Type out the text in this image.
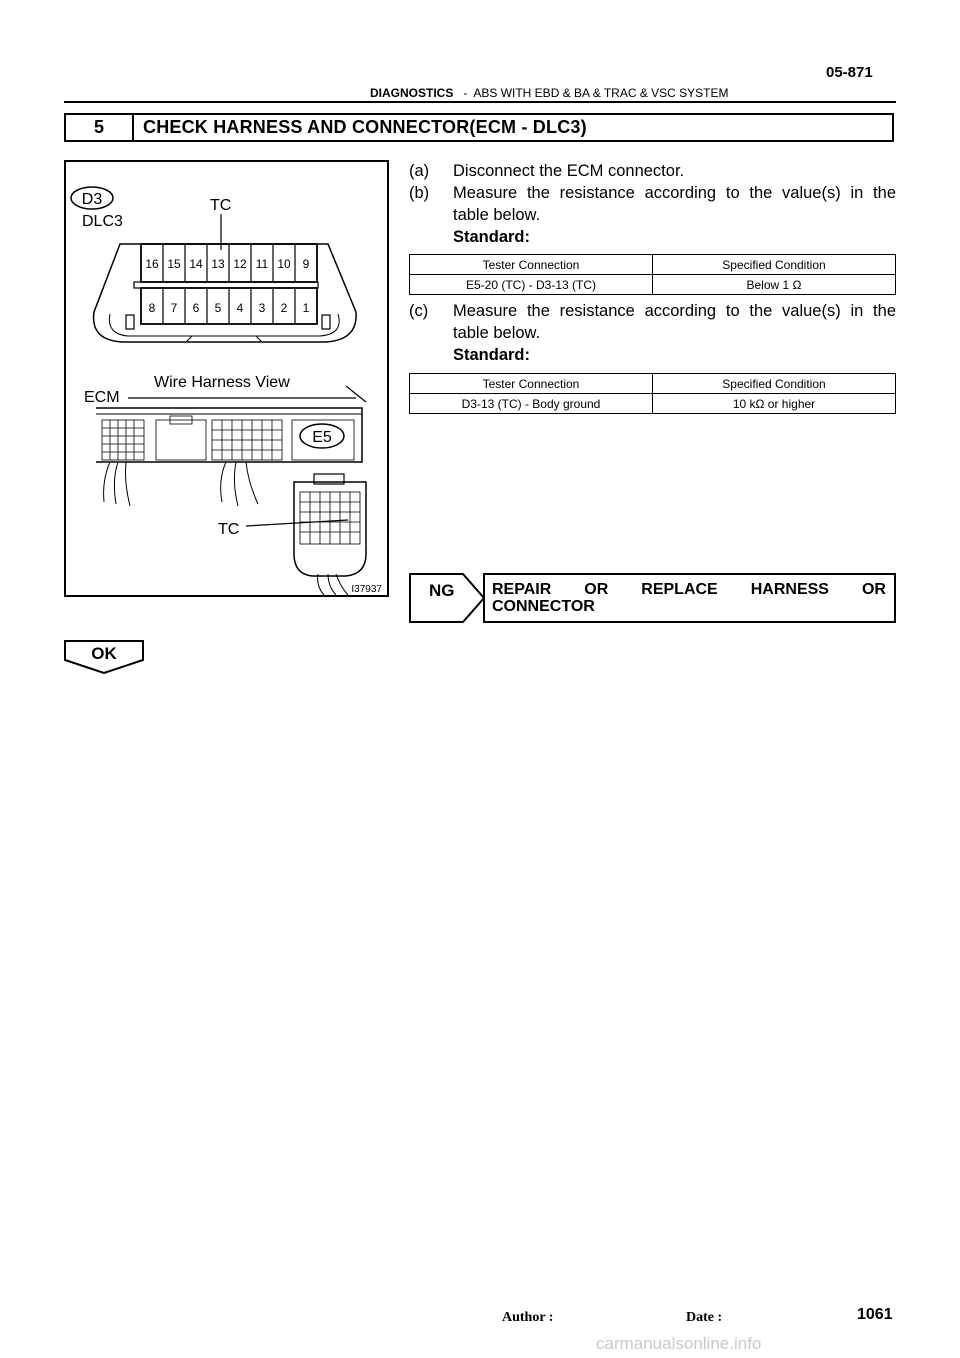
05-871
DIAGNOSTICS - ABS WITH EBD & BA & TRAC & VSC SYSTEM
5	CHECK HARNESS AND CONNECTOR(ECM - DLC3)
D3
DLC3
TC
16 15 14 13 12 11 10 9
8 7 6 5 4 3 2 1
Wire Harness View
ECM
E5
TC
I37937
(a) Disconnect the ECM connector.
(b)	Measure the resistance according to the value(s) in the
table below.
Standard:
Tester Connection	Specified Condition
E5-20 (TC) - D3-13 (TC)	Below 1 Ω
(c)	Measure the resistance according to the value(s) in the
table below.
Standard:
Tester Connection	Specified Condition
D3-13 (TC) - Body ground	10 kΩ or higher
NG REPAIR OR REPLACE HARNESS OR
CONNECTOR
OK
Author :	Date :	1061
carmanualsonline.info
